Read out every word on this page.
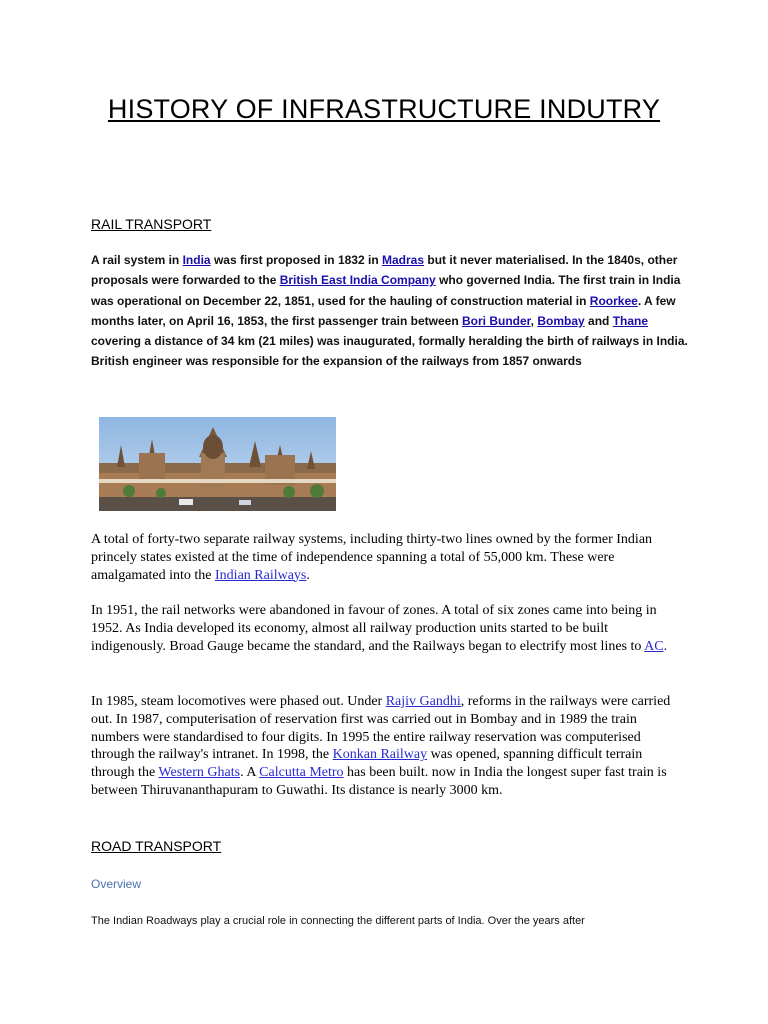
HISTORY OF INFRASTRUCTURE INDUTRY
RAIL TRANSPORT

A rail system in India was first proposed in 1832 in Madras but it never materialised. In the 1840s, other proposals were forwarded to the British East India Company who governed India. The first train in India was operational on December 22, 1851, used for the hauling of construction material in Roorkee. A few months later, on April 16, 1853, the first passenger train between Bori Bunder, Bombay and Thane covering a distance of 34 km (21 miles) was inaugurated, formally heralding the birth of railways in India. British engineer was responsible for the expansion of the railways from 1857 onwards

A total of forty-two separate railway systems, including thirty-two lines owned by the former Indian princely states existed at the time of independence spanning a total of 55,000 km. These were amalgamated into the Indian Railways.

In 1951, the rail networks were abandoned in favour of zones. A total of six zones came into being in 1952. As India developed its economy, almost all railway production units started to be built indigenously. Broad Gauge became the standard, and the Railways began to electrify most lines to AC.

In 1985, steam locomotives were phased out. Under Rajiv Gandhi, reforms in the railways were carried out. In 1987, computerisation of reservation first was carried out in Bombay and in 1989 the train numbers were standardised to four digits. In 1995 the entire railway reservation was computerised through the railway's intranet. In 1998, the Konkan Railway was opened, spanning difficult terrain through the Western Ghats. A Calcutta Metro has been built. now in India the longest super fast train is between Thiruvananthapuram to Guwathi. Its distance is nearly 3000 km.

ROAD TRANSPORT
Overview

The Indian Roadways play a crucial role in connecting the different parts of India. Over the years after
